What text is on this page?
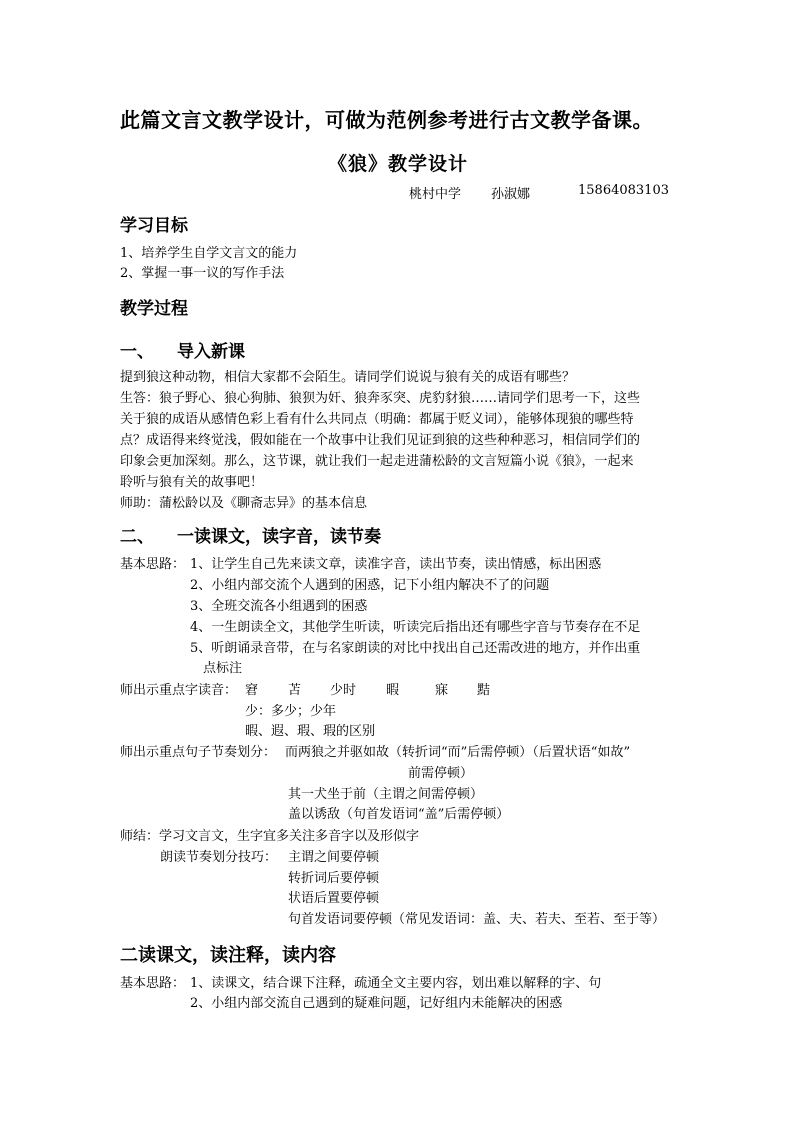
此篇文言文教学设计，可做为范例参考进行古文教学备课。
《狼》教学设计
桃村中学 孙淑娜	15864083103
学习目标
1、培养学生自学文言文的能力
2、掌握一事一议的写作手法
教学过程
一、 导入新课
提到狼这种动物，相信大家都不会陌生。请同学们说说与狼有关的成语有哪些？
生答：狼子野心、狼心狗肺、狼狈为奸、狼奔豕突、虎豹豺狼……请同学们思考一下，这些
关于狼的成语从感情色彩上看有什么共同点（明确：都属于贬义词），能够体现狼的哪些特
点？成语得来终觉浅，假如能在一个故事中让我们见证到狼的这些种种恶习，相信同学们的
印象会更加深刻。那么，这节课，就让我们一起走进蒲松龄的文言短篇小说《狼》，一起来
聆听与狼有关的故事吧！
师助：蒲松龄以及《聊斋志异》的基本信息
二、 一读课文，读字音，读节奏
基本思路： 1、让学生自己先来读文章，读准字音，读出节奏，读出情感，标出困惑
2、小组内部交流个人遇到的困惑，记下小组内解决不了的问题
3、全班交流各小组遇到的困惑
4、一生朗读全文，其他学生听读，听读完后指出还有哪些字音与节奏存在不足
5、听朗诵录音带，在与名家朗读的对比中找出自己还需改进的地方，并作出重
点标注
师出示重点字读音： 窘 苫 少时 暇	寐 黠
少：多少；少年
暇、遐、瑕、瑕的区别
师出示重点句子节奏划分： 而两狼之并驱如故（转折词“而”后需停顿）（后置状语“如故”
前需停顿）
其一犬坐于前（主谓之间需停顿）
盖以诱敌（句首发语词“盖”后需停顿）
师结：学习文言文，生字宜多关注多音字以及形似字
朗读节奏划分技巧： 主谓之间要停顿
转折词后要停顿
状语后置要停顿
句首发语词要停顿（常见发语词：盖、夫、若夫、至若、至于等）
二读课文，读注释，读内容
基本思路： 1、读课文，结合课下注释，疏通全文主要内容，划出难以解释的字、句
2、小组内部交流自己遇到的疑难问题，记好组内未能解决的困惑
